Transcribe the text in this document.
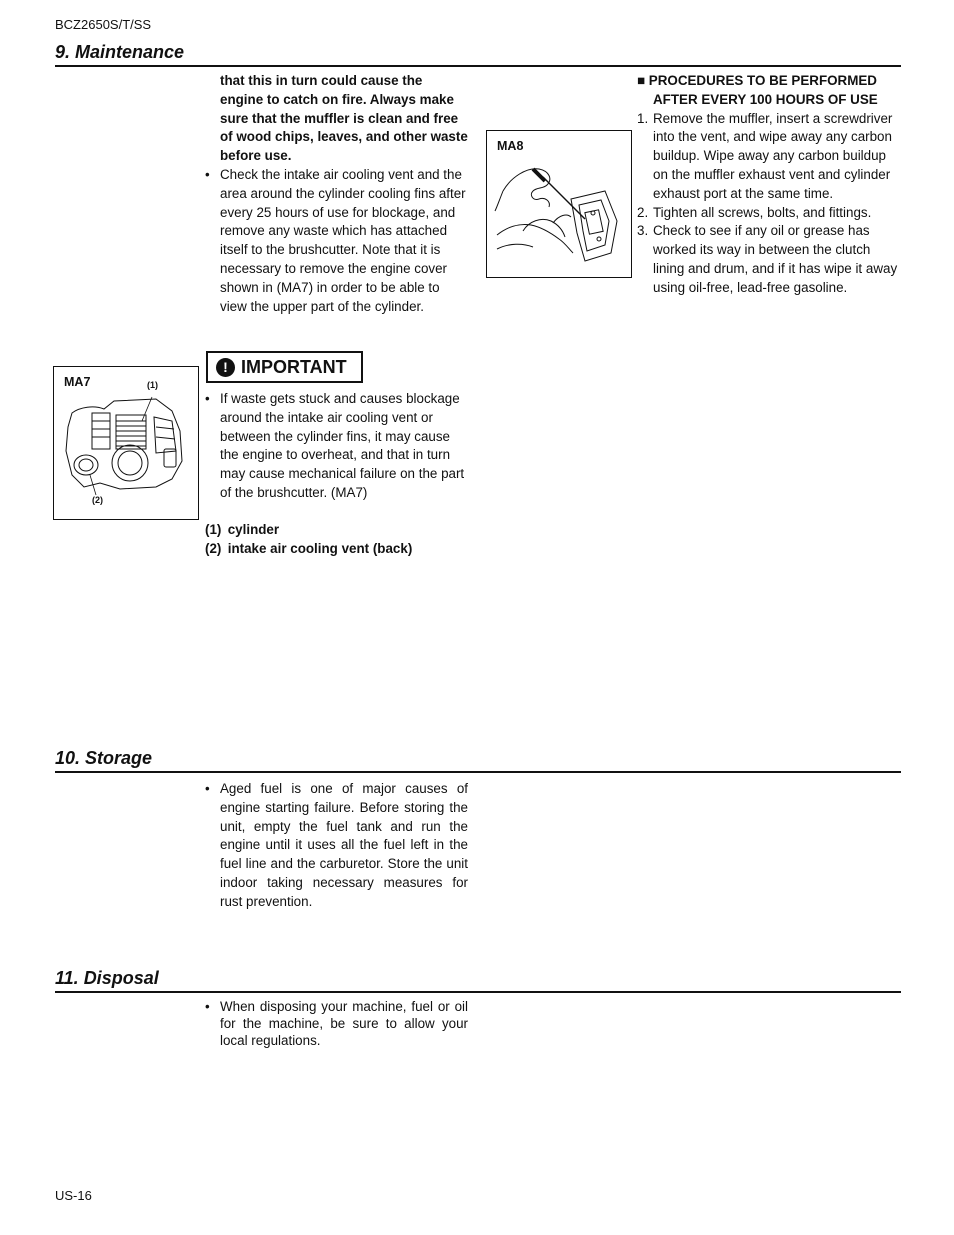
BCZ2650S/T/SS
9. Maintenance
that this in turn could cause the engine to catch on fire. Always make sure that the muffler is clean and free of wood chips, leaves, and other waste before use.
• Check the intake air cooling vent and the area around the cylinder cooling fins after every 25 hours of use for blockage, and remove any waste which has attached itself to the brushcutter. Note that it is necessary to remove the engine cover shown in (MA7) in order to be able to view the upper part of the cylinder.
MA8
■ PROCEDURES TO BE PERFORMED
AFTER EVERY 100 HOURS OF USE
1. Remove the muffler, insert a screwdriver into the vent, and wipe away any carbon buildup. Wipe away any carbon buildup on the muffler exhaust vent and cylinder exhaust port at the same time.
2. Tighten all screws, bolts, and fittings.
3. Check to see if any oil or grease has worked its way in between the clutch lining and drum, and if it has wipe it away using oil-free, lead-free gasoline.
MA7	(1)
(2)
! IMPORTANT
• If waste gets stuck and causes blockage around the intake air cooling vent or between the cylinder fins, it may cause the engine to overheat, and that in turn may cause mechanical failure on the part of the brushcutter. (MA7)
(1) cylinder
(2) intake air cooling vent (back)
10. Storage
• Aged fuel is one of major causes of engine starting failure. Before storing the unit, empty the fuel tank and run the engine until it uses all the fuel left in the fuel line and the carburetor. Store the unit indoor taking necessary measures for rust prevention.
11. Disposal
• When disposing your machine, fuel or oil for the machine, be sure to allow your local regulations.
US-16
